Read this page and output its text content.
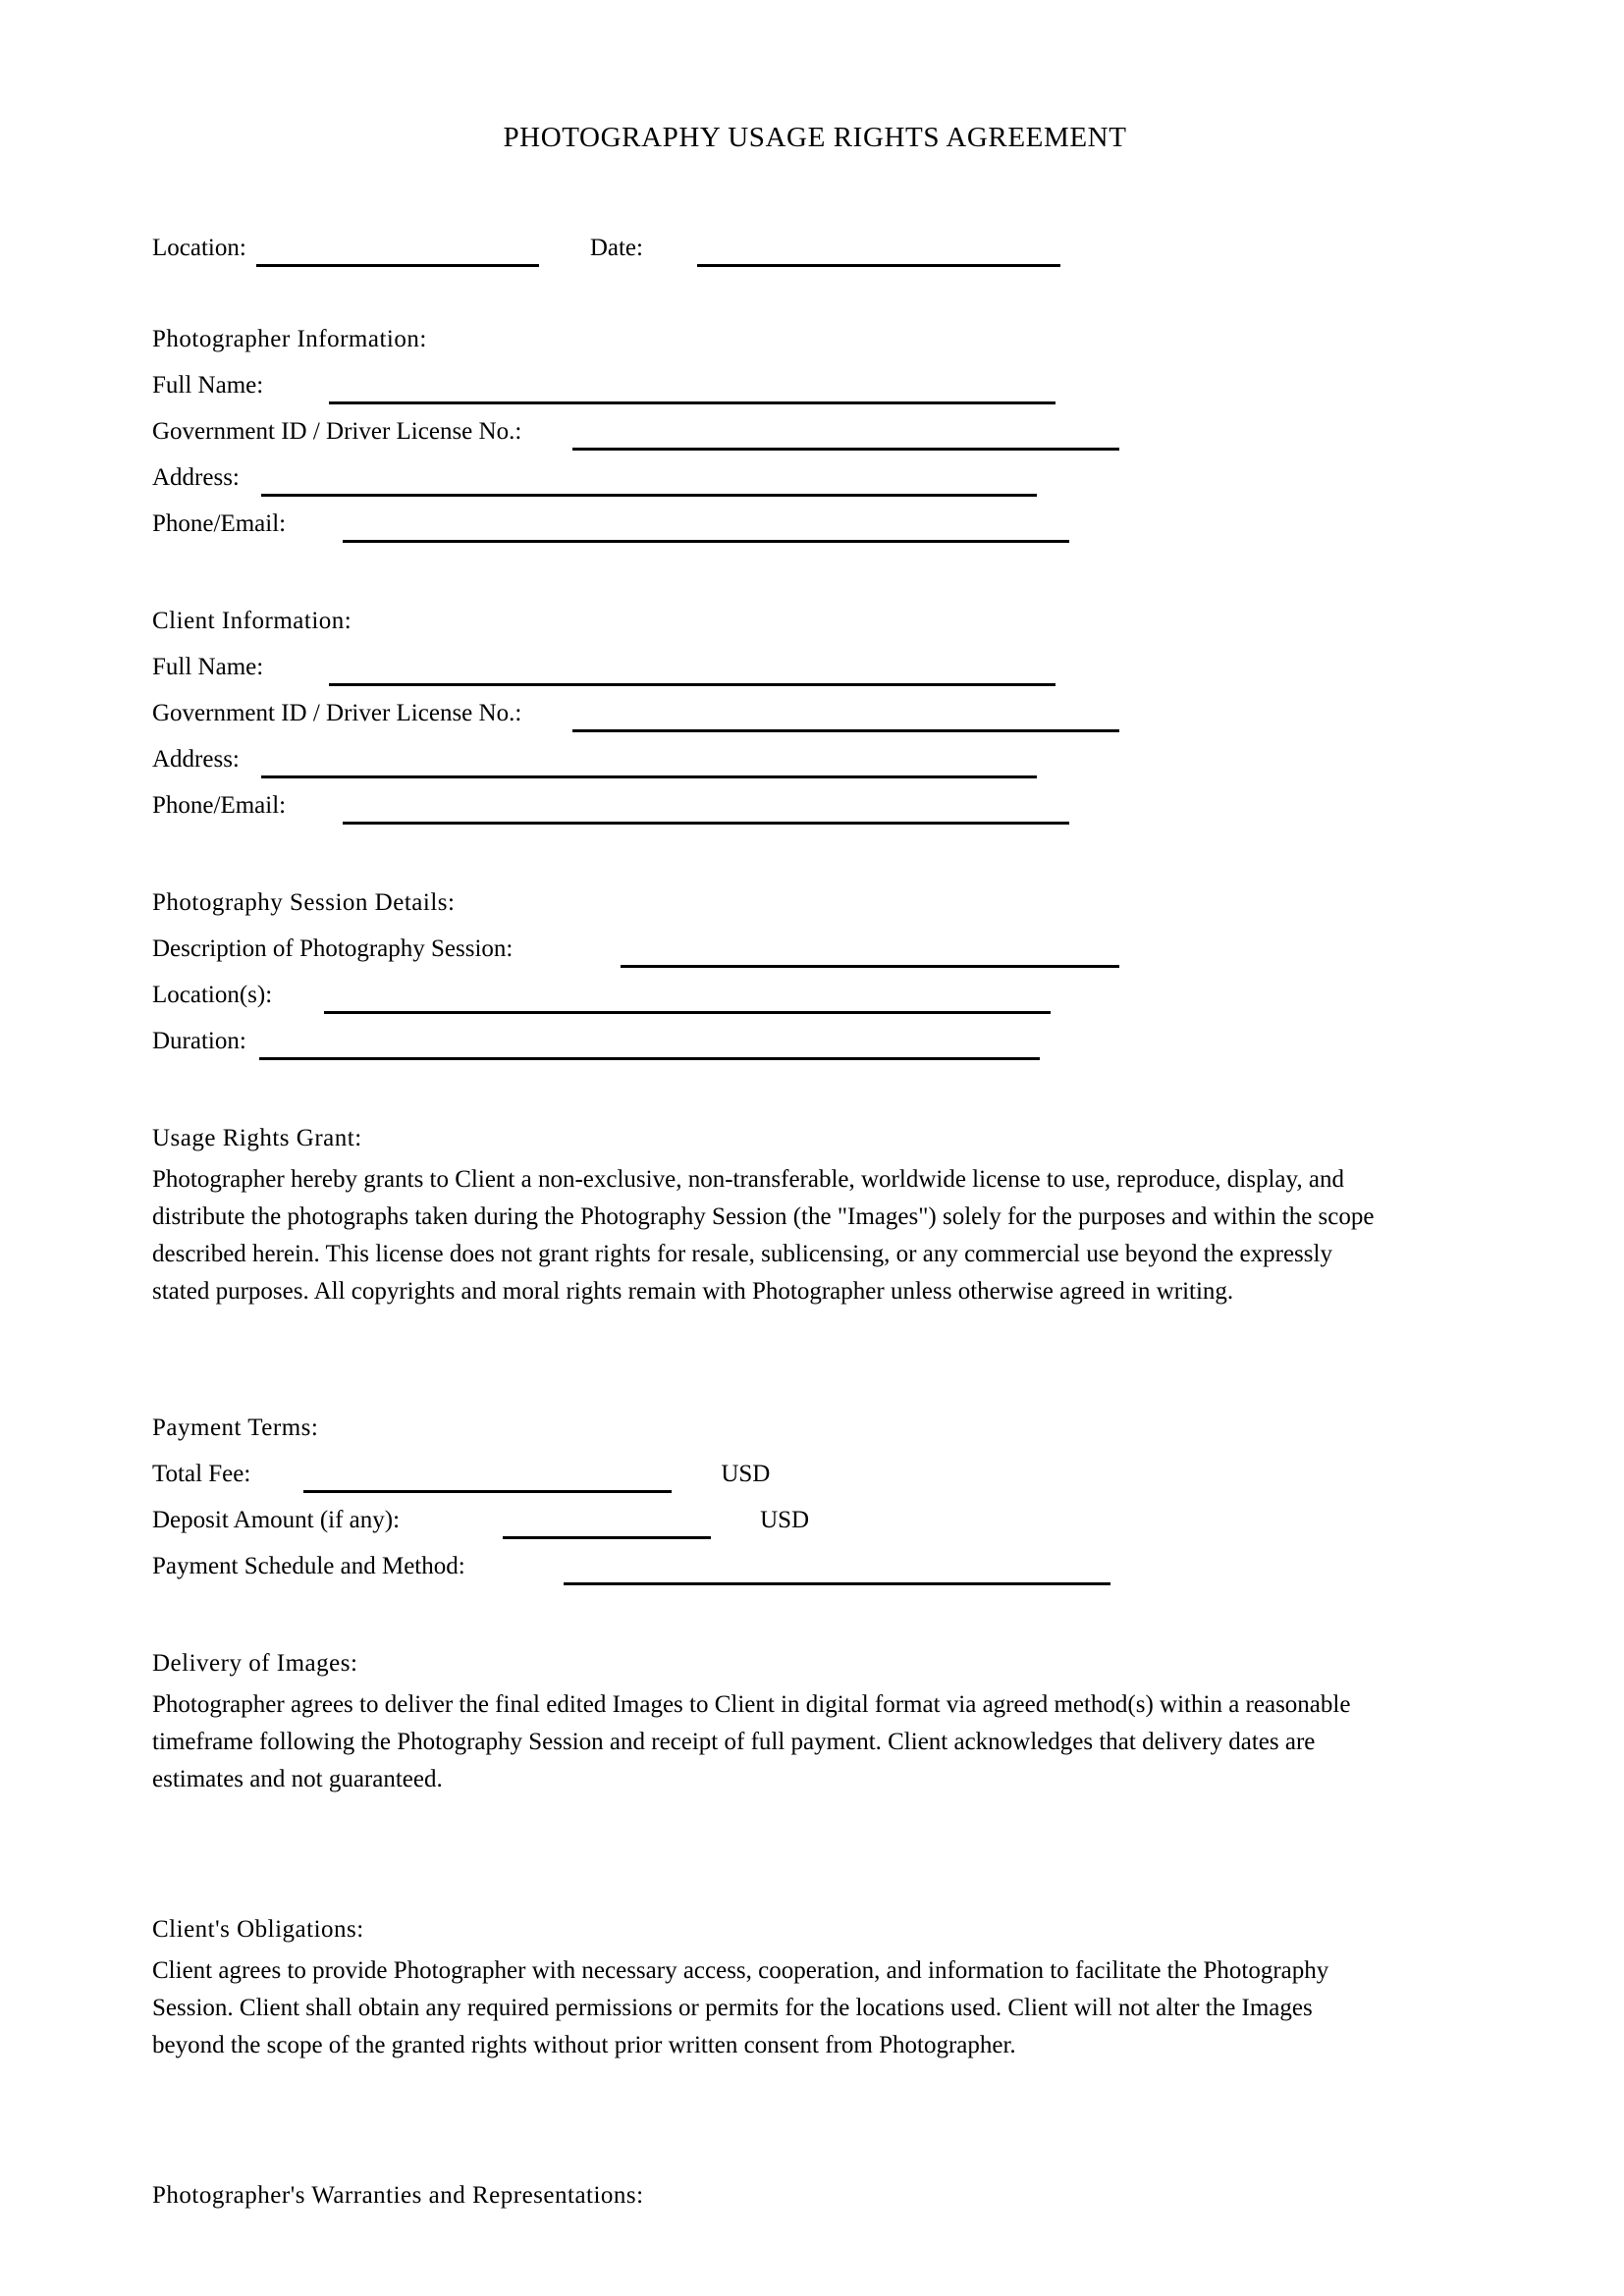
PHOTOGRAPHY USAGE RIGHTS AGREEMENT
Location:	Date:
Photographer Information:
Full Name:
Government ID / Driver License No.:
Address:
Phone/Email:
Client Information:
Full Name:
Government ID / Driver License No.:
Address:
Phone/Email:
Photography Session Details:
Description of Photography Session:
Location(s):
Duration:
Usage Rights Grant:

Photographer hereby grants to Client a non-exclusive, non-transferable, worldwide license to use, reproduce, display, and distribute the photographs taken during the Photography Session (the "Images") solely for the purposes and within the scope described herein. This license does not grant rights for resale, sublicensing, or any commercial use beyond the expressly stated purposes. All copyrights and moral rights remain with Photographer unless otherwise agreed in writing.

Payment Terms:
Total Fee:	USD
Deposit Amount (if any):	USD
Payment Schedule and Method:
Delivery of Images:

Photographer agrees to deliver the final edited Images to Client in digital format via agreed method(s) within a reasonable timeframe following the Photography Session and receipt of full payment. Client acknowledges that delivery dates are estimates and not guaranteed.

Client's Obligations:

Client agrees to provide Photographer with necessary access, cooperation, and information to facilitate the Photography Session. Client shall obtain any required permissions or permits for the locations used. Client will not alter the Images beyond the scope of the granted rights without prior written consent from Photographer.

Photographer's Warranties and Representations:
